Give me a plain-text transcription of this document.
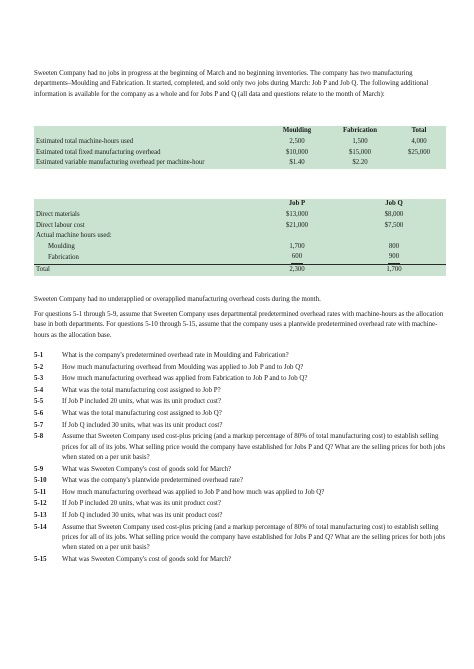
Sweeten Company had no jobs in progress at the beginning of March and no beginning inventories. The company has two manufacturing departments–Moulding and Fabrication. It started, completed, and sold only two jobs during March: Job P and Job Q. The following additional information is available for the company as a whole and for Jobs P and Q (all data and questions relate to the month of March):

	Moulding	Fabrication	Total
Estimated total machine-hours used	2,500	1,500	4,000
Estimated total fixed manufacturing overhead	$10,000	$15,000	$25,000
Estimated variable manufacturing overhead per machine-hour	$1.40	$2.20	
	Job P	Job Q
Direct materials	$13,000	$8,000
Direct labour cost	$21,000	$7,500
Actual machine hours used:		
Moulding	1,700	800
Fabrication	600	900
Total	2,300	1,700

Sweeten Company had no underapplied or overapplied manufacturing overhead costs during the month.

For questions 5-1 through 5-9, assume that Sweeten Company uses departmental predetermined overhead rates with machine-hours as the allocation base in both departments. For questions 5-10 through 5-15, assume that the company uses a plantwide predetermined overhead rate with machine-hours as the allocation base.

5-1	What is the company's predetermined overhead rate in Moulding and Fabrication?
5-2	How much manufacturing overhead from Moulding was applied to Job P and to Job Q?
5-3	How much manufacturing overhead was applied from Fabrication to Job P and to Job Q?
5-4	What was the total manufacturing cost assigned to Job P?
5-5	If Job P included 20 units, what was its unit product cost?
5-6	What was the total manufacturing cost assigned to Job Q?
5-7	If Job Q included 30 units, what was its unit product cost?
5-8	Assume that Sweeten Company used cost-plus pricing (and a markup percentage of 80% of total manufacturing cost) to establish selling prices for all of its jobs. What selling price would the company have established for Jobs P and Q? What are the selling prices for both jobs when stated on a per unit basis?
5-9	What was Sweeten Company's cost of goods sold for March?
5-10	What was the company's plantwide predetermined overhead rate?
5-11	How much manufacturing overhead was applied to Job P and how much was applied to Job Q?
5-12	If Job P included 20 units, what was its unit product cost?
5-13	If Job Q included 30 units, what was its unit product cost?
5-14	Assume that Sweeten Company used cost-plus pricing (and a markup percentage of 80% of total manufacturing cost) to establish selling prices for all of its jobs. What selling price would the company have established for Jobs P and Q? What are the selling prices for both jobs when stated on a per unit basis?
5-15	What was Sweeten Company's cost of goods sold for March?
